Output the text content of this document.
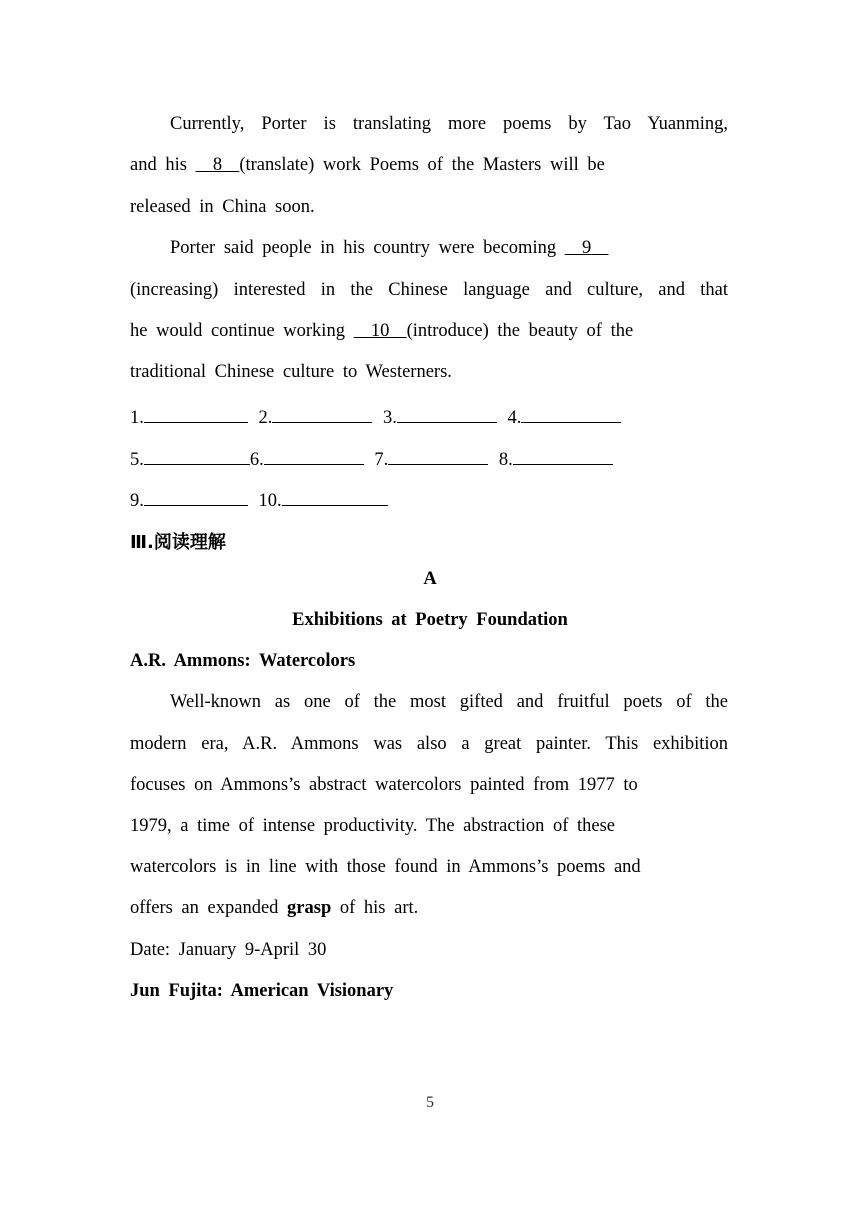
Currently, Porter is translating more poems by Tao Yuanming,
and his 8 (translate) work Poems of the Masters will be
released in China soon.
Porter said people in his country were becoming 9
(increasing) interested in the Chinese language and culture, and that
he would continue working 10 (introduce) the beauty of the
traditional Chinese culture to Westerners.
1.	2.	3.	4.
5.	6.	7.	8.
9.	10.
Ⅲ.阅读理解
A
Exhibitions at Poetry Foundation
A.R. Ammons: Watercolors
Well-known as one of the most gifted and fruitful poets of the
modern era, A.R. Ammons was also a great painter. This exhibition
focuses on Ammons’s abstract watercolors painted from 1977 to
1979, a time of intense productivity. The abstraction of these
watercolors is in line with those found in Ammons’s poems and
offers an expanded grasp of his art.
Date: January 9-April 30
Jun Fujita: American Visionary
5
